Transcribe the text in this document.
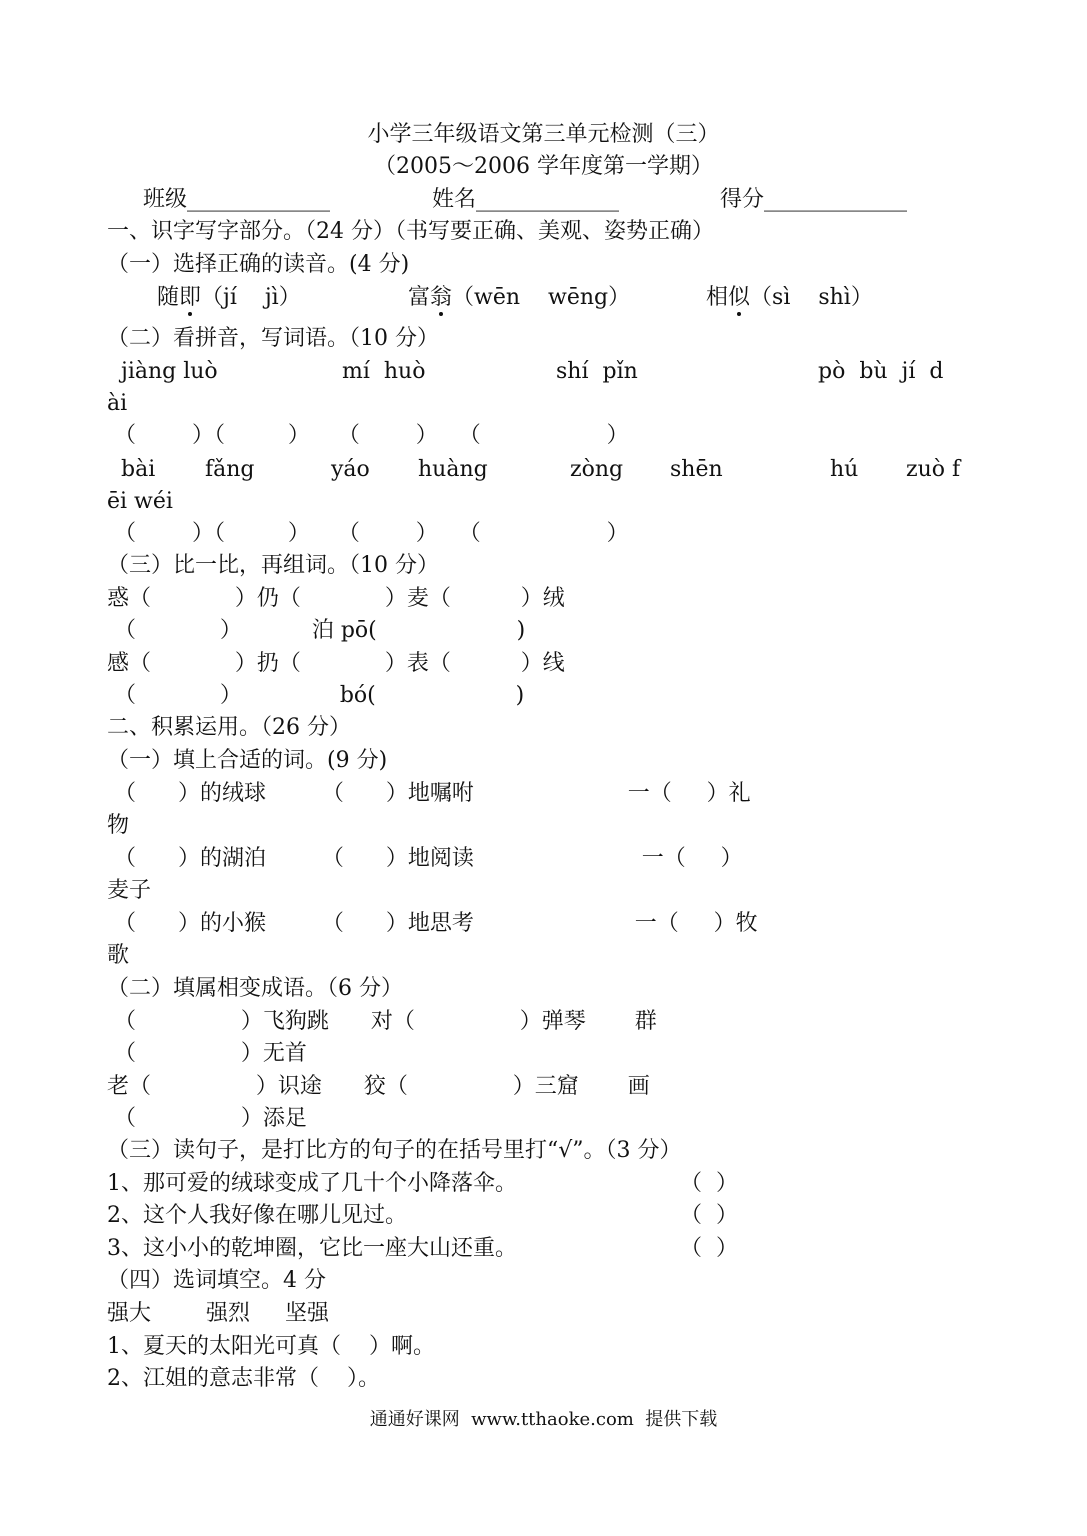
小学三年级语文第三单元检测（三）
（2005～2006 学年度第一学期）
班级_____________	姓名_____________	得分_____________
一、识字写字部分。（24 分）（书写要正确、美观、姿势正确）
（一）选择正确的读音。(4 分)
随即（jí    jì）	富翁（wēn    wēng）	相似（sì    shì）
（二）看拼音，写词语。（10 分）
jiàng luò	mí  huò	shí  pǐn	pò  bù  jí  d
ài
（        ）（         ）    （        ）   （                  ）
bài fǎng	yáo huàng	zòng shēn	hú zuò f
ēi wéi
（        ）（         ）    （        ）   （                  ）
（三）比一比，再组词。（10 分）
惑（            ）仍（            ）麦（          ）绒
（            ）          泊 pō(                    )
感（            ）扔（            ）表（          ）线
（            ）              bó(                    )
二、积累运用。（26 分）
（一）填上合适的词。(9 分)
（      ）的绒球        （      ）地嘱咐                      一（     ）礼
物
（      ）的湖泊        （      ）地阅读                        一（     ）
麦子
（      ）的小猴        （      ）地思考                       一（     ）牧
歌
（二）填属相变成语。（6 分）
（               ）飞狗跳      对（               ）弹琴       群
（               ）无首
老（               ）识途      狡（               ）三窟       画
（               ）添足
（三）读句子，是打比方的句子的在括号里打“√”。（3 分）
1、那可爱的绒球变成了几十个小降落伞。	（  ）
2、这个人我好像在哪儿见过。	（  ）
3、这小小的乾坤圈，它比一座大山还重。	（  ）
（四）选词填空。4 分
强大 强烈 坚强
1、夏天的太阳光可真（    ）啊。
2、江姐的意志非常（    ）。
通通好课网  www.tthaoke.com  提供下载
